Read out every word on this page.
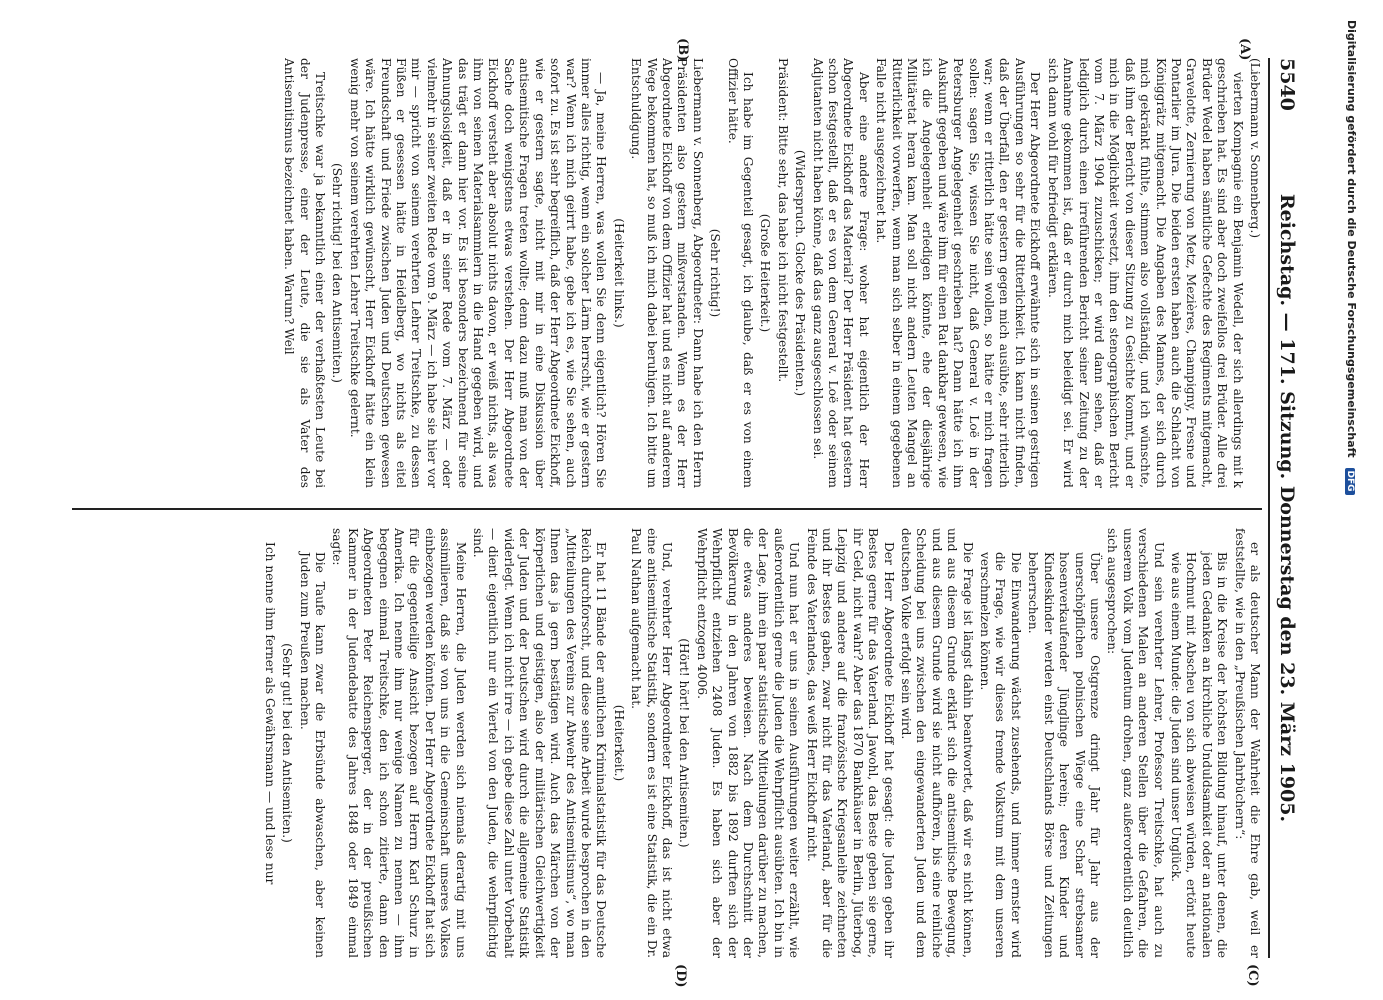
5540
Reichstag. — 171. Sitzung. Donnerstag den 23. März 1905.
(A)
(B)
(C)
(D)

(Liebermann v. Sonnenberg.)

vierten Kompagnie ein Benjamin Wedell, der sich allerdings mit k geschrieben hat. Es sind aber doch zweifellos drei Brüder. Alle drei Brüder Wedel haben sämtliche Gefechte des Regiments mitgemacht, Gravelotte, Zernierung von Metz, Mezières, Champigny, Fresne und Pontarlier im Jura. Die beiden ersten haben auch die Schlacht von Königgrätz mitgemacht. Die Angaben des Mannes, der sich durch mich gekränkt fühlte, stimmen also vollständig, und ich wünschte, daß ihm der Bericht von dieser Sitzung zu Gesichte kommt, und er mich in die Möglichkeit versetzt, ihm den stenographischen Bericht vom 7. März 1904 zuzuschicken; er wird dann sehen, daß er lediglich durch einen irreführenden Bericht seiner Zeitung zu der Annahme gekommen ist, daß er durch mich beleidigt sei. Er wird sich dann wohl für befriedigt erklären.

Der Herr Abgeordnete Eickhoff erwähnte sich in seinen gestrigen Ausführungen so sehr für die Ritterlichkeit. Ich kann nicht finden, daß der Überfall, den er gestern gegen mich ausübte, sehr ritterlich war; wenn er ritterlich hätte sein wollen, so hätte er mich fragen sollen: sagen Sie, wissen Sie nicht, daß General v. Loë in der Petersburger Angelegenheit geschrieben hat? Dann hätte ich ihm Auskunft gegeben und wäre ihm für einen Rat dankbar gewesen, wie ich die Angelegenheit erledigen könnte, ehe der diesjährige Militäretat heran kam. Man soll nicht andern Leuten Mangel an Ritterlichkeit vorwerfen, wenn man sich selber in einem gegebenen Falle nicht ausgezeichnet hat.

Aber eine andere Frage: woher hat eigentlich der Herr Abgeordnete Eickhoff das Material? Der Herr Präsident hat gestern schon festgestellt, daß er es von dem General v. Loë oder seinem Adjutanten nicht haben könne, daß das ganz ausgeschlossen sei.

(Widerspruch. Glocke des Präsidenten.)

Präsident: Bitte sehr, das habe ich nicht festgestellt.

(Große Heiterkeit.)

Ich habe im Gegenteil gesagt, ich glaube, daß er es von einem Offizier hätte.

(Sehr richtig!)

Liebermann v. Sonnenberg, Abgeordneter: Dann habe ich den Herrn Präsidenten also gestern mißverstanden. Wenn es der Herr Abgeordnete Eickhoff von dem Offizier hat und es nicht auf anderem Wege bekommen hat, so muß ich mich dabei beruhigen. Ich bitte um Entschuldigung.

(Heiterkeit links.)

— Ja, meine Herren, was wollen Sie denn eigentlich? Hören Sie immer alles richtig, wenn ein solcher Lärm herrscht, wie er gestern war? Wenn ich mich geirrt habe, gebe ich es, wie Sie sehen, auch sofort zu. Es ist sehr begreiflich, daß der Herr Abgeordnete Eickhoff, wie er gestern sagte, nicht mit mir in eine Diskussion über antisemitische Fragen treten wollte; denn dazu muß man von der Sache doch wenigstens etwas verstehen. Der Herr Abgeordnete Eickhoff versteht aber absolut nichts davon, er weiß nichts, als was ihm von seinen Materialsammlern in die Hand gegeben wird, und das trägt er dann hier vor. Es ist besonders bezeichnend für seine Ahnungslosigkeit, daß er in seiner Rede vom 7. März — oder vielmehr in seiner zweiten Rede vom 9. März — ich habe sie hier vor mir — spricht von seinem verehrten Lehrer Treitschke, zu dessen Füßen er gesessen hätte in Heidelberg, wo nichts als eitel Freundschaft und Friede zwischen Juden und Deutschen gewesen wäre. Ich hätte wirklich gewünscht, Herr Eickhoff hätte ein klein wenig mehr von seinem verehrten Lehrer Treitschke gelernt.

(Sehr richtig! bei den Antisemiten.)

Treitschke war ja bekanntlich einer der verhaßtesten Leute bei der Judenpresse, einer der Leute, die sie als Vater des Antisemitismus bezeichnet haben. Warum? Weil

er als deutscher Mann der Wahrheit die Ehre gab, weil er feststellte, wie in den „Preußischen Jahrbüchern“:

Bis in die Kreise der höchsten Bildung hinauf, unter denen, die jeden Gedanken an kirchliche Unduldsamkeit oder an nationalen Hochmut mit Abscheu von sich abweisen würden, ertönt heute wie aus einem Munde: die Juden sind unser Unglück.

Und sein verehrter Lehrer, Professor Treitschke, hat auch zu verschiedenen Malen an anderen Stellen über die Gefahren, die unserem Volk vom Judentum drohen, ganz außerordentlich deutlich sich ausgesprochen:

Über unsere Ostgrenze dringt Jahr für Jahr aus der unerschöpflichen polnischen Wiege eine Schar strebsamer hosenverkaufender Jünglinge herein; deren Kinder und Kindeskinder werden einst Deutschlands Börse und Zeitungen beherrschen.

Die Einwanderung wächst zusehends, und immer ernster wird die Frage, wie wir dieses fremde Volkstum mit dem unseren verschmelzen können.

Die Frage ist längst dahin beantwortet, daß wir es nicht können, und aus diesem Grunde erklärt sich die antisemitische Bewegung, und aus diesem Grunde wird sie nicht aufhören, bis eine reinliche Scheidung bei uns zwischen den eingewanderten Juden und dem deutschen Volke erfolgt sein wird.

Der Herr Abgeordnete Eickhoff hat gesagt: die Juden geben ihr Bestes gerne für das Vaterland. Jawohl, das Beste geben sie gerne, ihr Geld, nicht wahr? Aber das 1870 Bankhäuser in Berlin, Jüterbog, Leipzig und andere auf die französische Kriegsanleihe zeichneten und ihr Bestes gaben, zwar nicht für das Vaterland, aber für die Feinde des Vaterlandes, das weiß Herr Eickhoff nicht.

Und nun hat er uns in seinen Ausführungen weiter erzählt, wie außerordentlich gerne die Juden die Wehrpflicht ausübten. Ich bin in der Lage, ihm ein paar statistische Mitteilungen darüber zu machen, die etwas anderes beweisen. Nach dem Durchschnitt der Bevölkerung in den Jahren von 1882 bis 1892 durften sich der Wehrpflicht entziehen 2408 Juden. Es haben sich aber der Wehrpflicht entzogen 4006.

(Hört! hört! bei den Antisemiten.)

Und, verehrter Herr Abgeordneter Eickhoff, das ist nicht etwa eine antisemitische Statistik, sondern es ist eine Statistik, die ein Dr. Paul Nathan aufgemacht hat.

(Heiterkeit.)

Er hat 11 Bände der amtlichen Kriminalstatistik für das Deutsche Reich durchforscht, und diese seine Arbeit wurde besprochen in den „Mitteilungen des Vereins zur Abwehr des Antisemitismus“, wo man Ihnen das ja gern bestätigen wird. Auch das Märchen von der körperlichen und geistigen, also der militärischen Gleichwertigkeit der Juden und der Deutschen wird durch die allgemeine Statistik widerlegt. Wenn ich nicht irre — ich gebe diese Zahl unter Vorbehalt — dient eigentlich nur ein Viertel von den Juden, die wehrpflichtig sind.

Meine Herren, die Juden werden sich niemals derartig mit uns assimilieren, daß sie von uns in die Gemeinschaft unseres Volkes einbezogen werden könnten. Der Herr Abgeordnete Eickhoff hat sich für die gegenteilige Ansicht bezogen auf Herrn Karl Schurz in Amerika. Ich nenne ihm nur wenige Namen zu nennen — ihm begegnen einmal Treitschke, den ich schon zitierte, dann den Abgeordneten Peter Reichensperger, der in der preußischen Kammer in der Judendebatte des Jahres 1848 oder 1849 einmal sagte:

Die Taufe kann zwar die Erbsünde abwaschen, aber keinen Juden zum Preußen machen.

(Sehr gut! bei den Antisemiten.)

Ich nenne ihm ferner als Gewährsmann — und lese nur

Digitalisierung gefördert durch die Deutsche Forschungsgemeinschaft DFG
